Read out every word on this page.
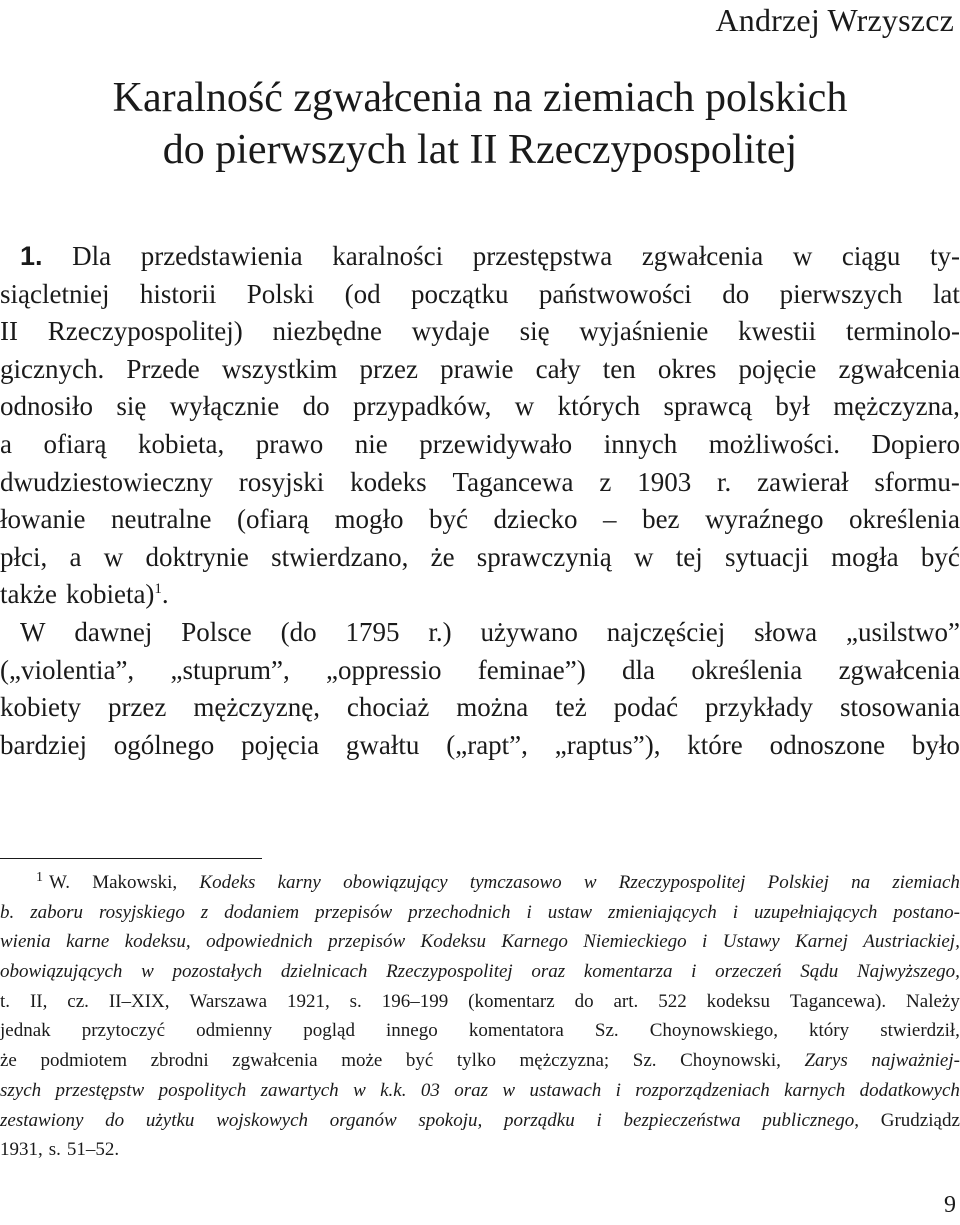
Andrzej Wrzyszcz
Karalność zgwałcenia na ziemiach polskich
do pierwszych lat II Rzeczypospolitej
1. Dla przedstawienia karalności przestępstwa zgwałcenia w ciągu ty-
siącletniej historii Polski (od początku państwowości do pierwszych lat
II Rzeczypospolitej) niezbędne wydaje się wyjaśnienie kwestii terminolo-
gicznych. Przede wszystkim przez prawie cały ten okres pojęcie zgwałcenia
odnosiło się wyłącznie do przypadków, w których sprawcą był mężczyzna,
a ofiarą kobieta, prawo nie przewidywało innych możliwości. Dopiero
dwudziestowieczny rosyjski kodeks Tagancewa z 1903 r. zawierał sformu-
łowanie neutralne (ofiarą mogło być dziecko – bez wyraźnego określenia
płci, a w doktrynie stwierdzano, że sprawczynią w tej sytuacji mogła być
także kobieta)$^1$.
W dawnej Polsce (do 1795 r.) używano najczęściej słowa „usilstwo”
(„violentia”, „stuprum”, „oppressio feminae”) dla określenia zgwałcenia
kobiety przez mężczyznę, chociaż można też podać przykłady stosowania
bardziej ogólnego pojęcia gwałtu („rapt”, „raptus”), które odnoszone było
$^1$ W. Makowski, Kodeks karny obowiązujący tymczasowo w Rzeczypospolitej Polskiej na ziemiach
b. zaboru rosyjskiego z dodaniem przepisów przechodnich i ustaw zmieniających i uzupełniających postano-
wienia karne kodeksu, odpowiednich przepisów Kodeksu Karnego Niemieckiego i Ustawy Karnej Austriackiej,
obowiązujących w pozostałych dzielnicach Rzeczypospolitej oraz komentarza i orzeczeń Sądu Najwyższego,
t. II, cz. II–XIX, Warszawa 1921, s. 196–199 (komentarz do art. 522 kodeksu Tagancewa). Należy
jednak przytoczyć odmienny pogląd innego komentatora Sz. Choynowskiego, który stwierdził,
że podmiotem zbrodni zgwałcenia może być tylko mężczyzna; Sz. Choynowski, Zarys najważniej-
szych przestępstw pospolitych zawartych w k.k. 03 oraz w ustawach i rozporządzeniach karnych dodatkowych
zestawiony do użytku wojskowych organów spokoju, porządku i bezpieczeństwa publicznego, Grudziądz
1931, s. 51–52.
9
